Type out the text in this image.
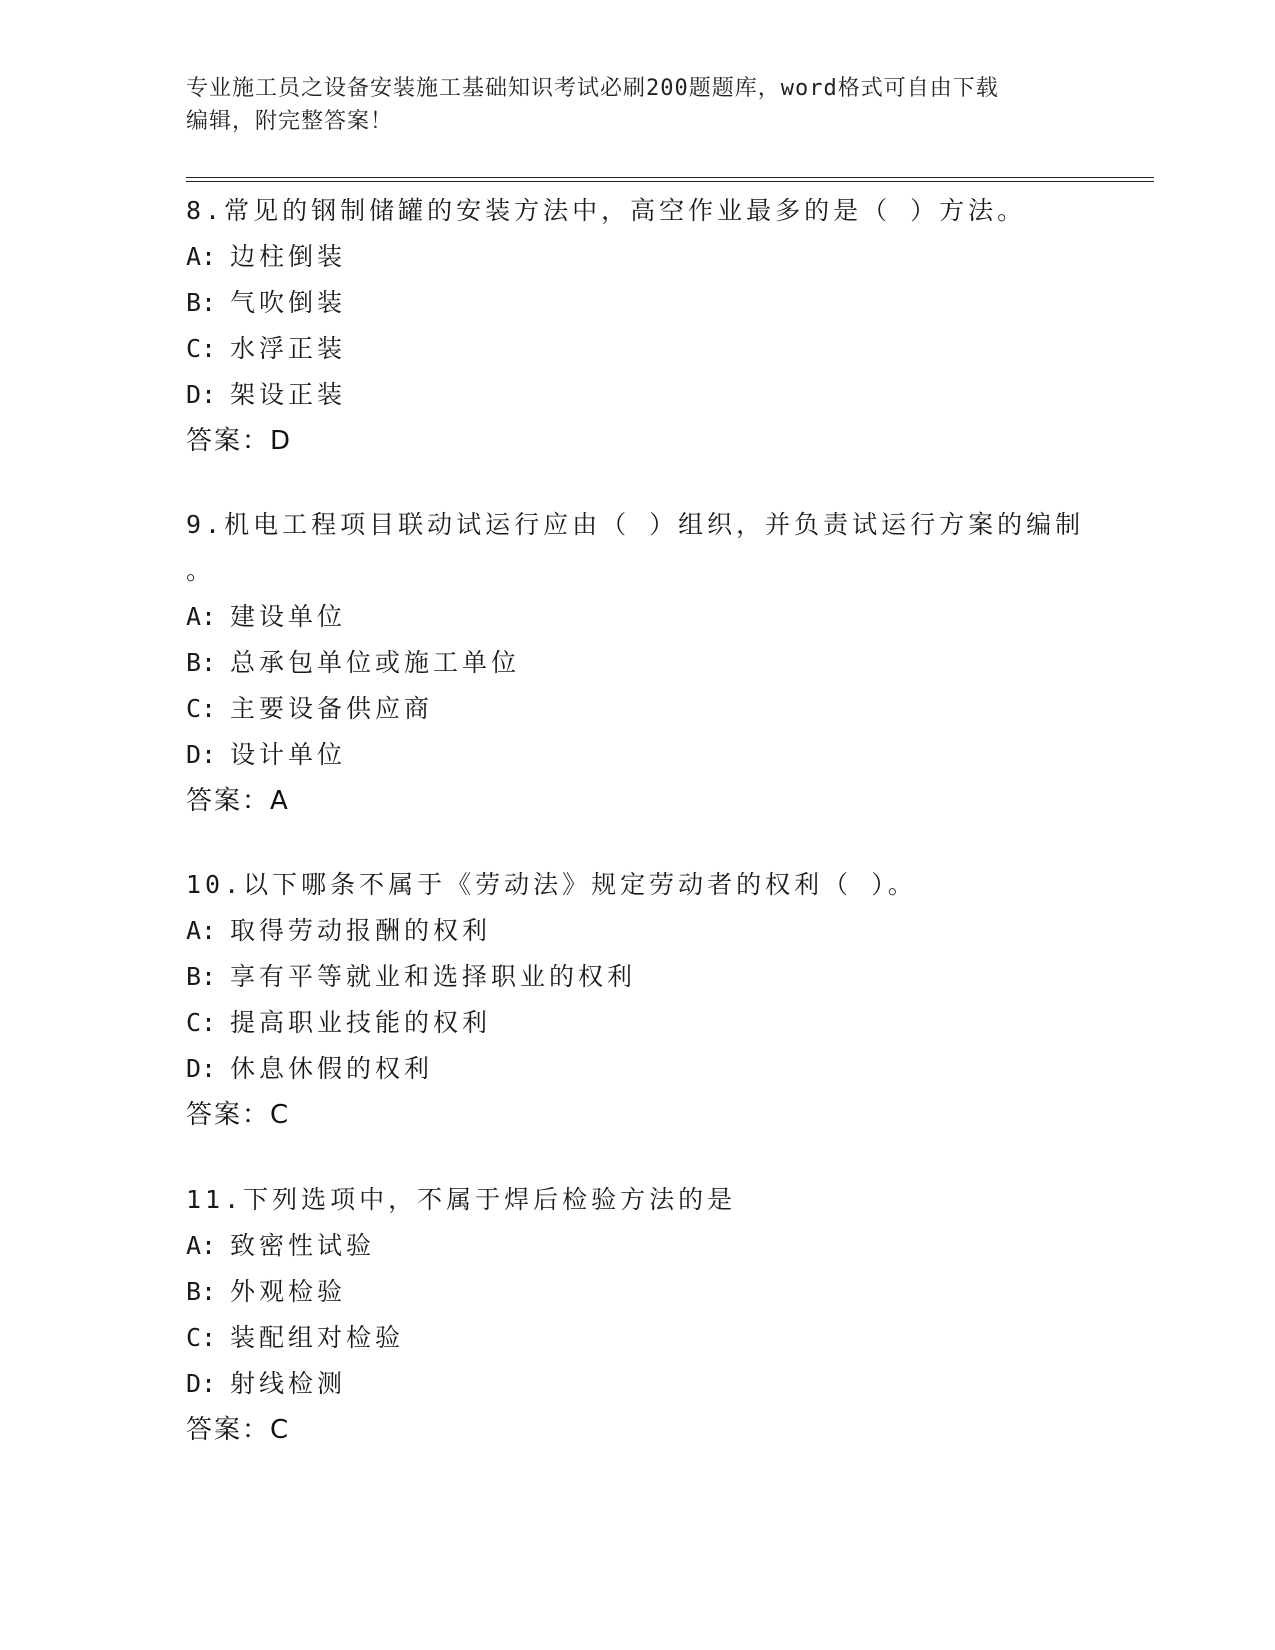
专业施工员之设备安装施工基础知识考试必刷200题题库，word格式可自由下载
编辑，附完整答案！

8.常见的钢制储罐的安装方法中，高空作业最多的是（ ）方法。

A: 边柱倒装

B: 气吹倒装

C: 水浮正装

D: 架设正装

答案：D

9.机电工程项目联动试运行应由（ ）组织，并负责试运行方案的编制

。

A: 建设单位

B: 总承包单位或施工单位

C: 主要设备供应商

D: 设计单位

答案：A

10.以下哪条不属于《劳动法》规定劳动者的权利（ ）。

A: 取得劳动报酬的权利

B: 享有平等就业和选择职业的权利

C: 提高职业技能的权利

D: 休息休假的权利

答案：C

11.下列选项中，不属于焊后检验方法的是

A: 致密性试验

B: 外观检验

C: 装配组对检验

D: 射线检测

答案：C
